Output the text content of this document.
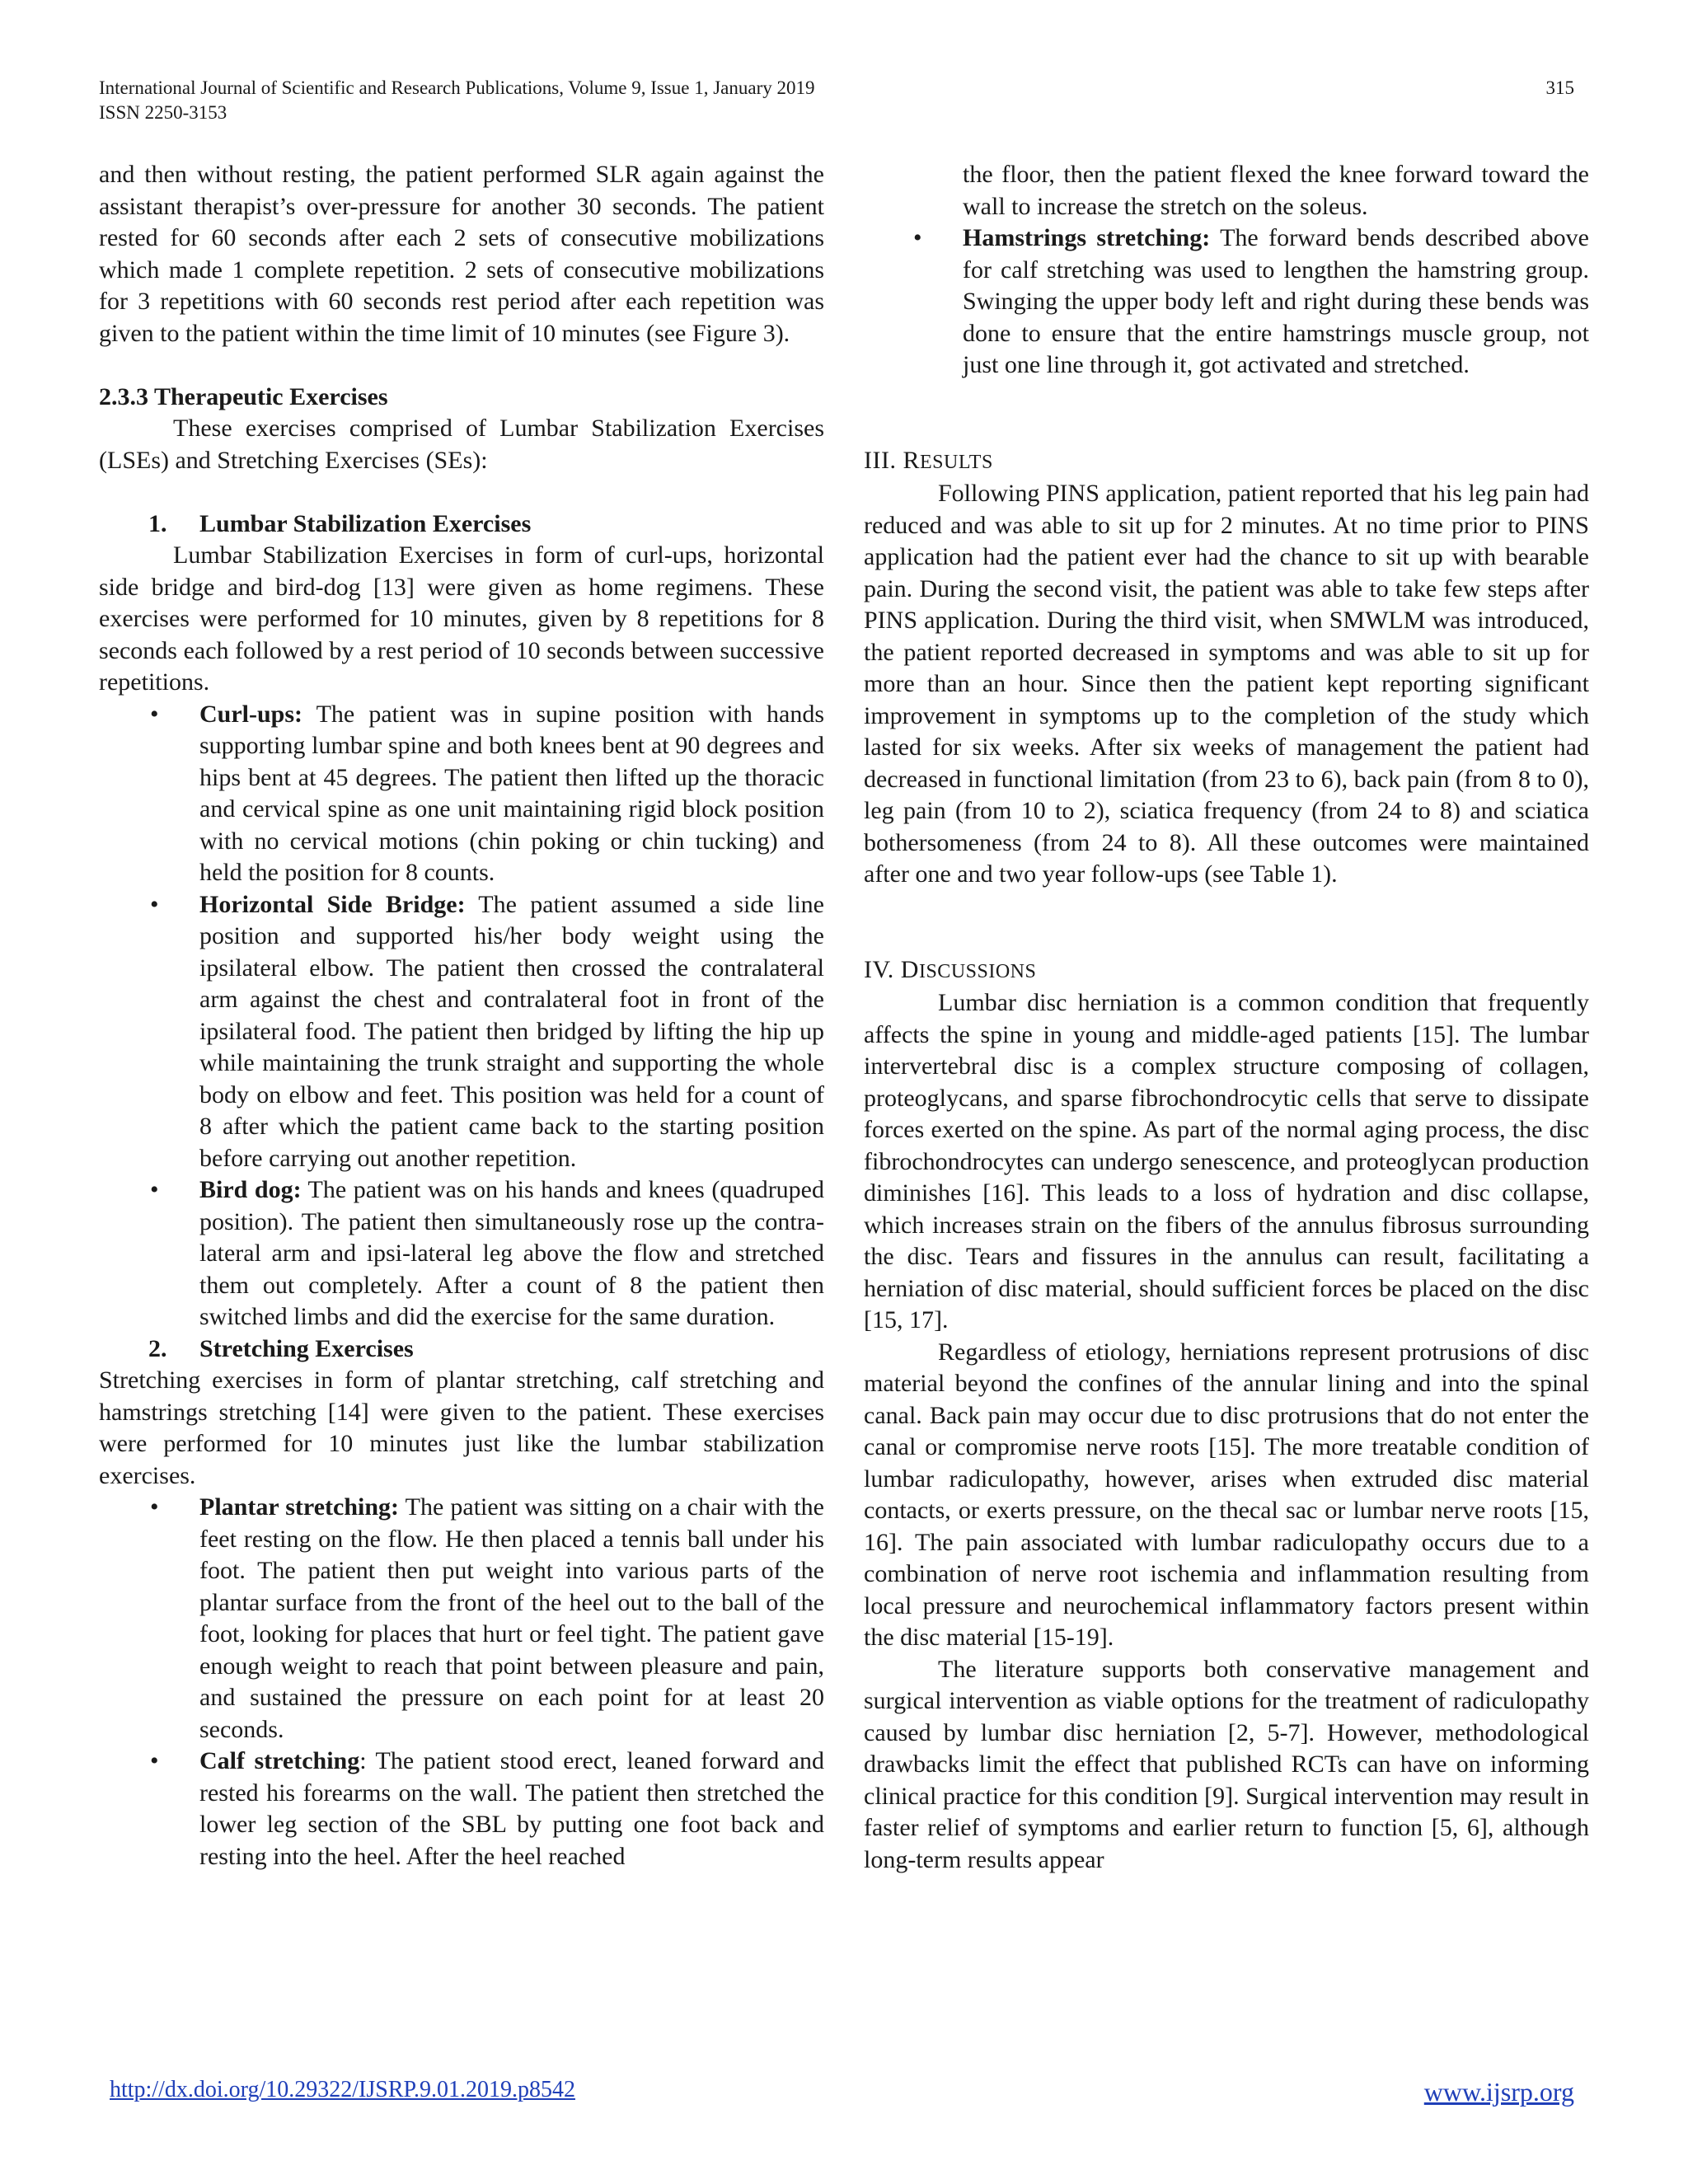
International Journal of Scientific and Research Publications, Volume 9, Issue 1, January 2019
ISSN 2250-3153
315

and then without resting, the patient performed SLR again against the assistant therapist’s over-pressure for another 30 seconds. The patient rested for 60 seconds after each 2 sets of consecutive mobilizations which made 1 complete repetition. 2 sets of consecutive mobilizations for 3 repetitions with 60 seconds rest period after each repetition was given to the patient within the time limit of 10 minutes (see Figure 3).

2.3.3 Therapeutic Exercises

These exercises comprised of Lumbar Stabilization Exercises (LSEs) and Stretching Exercises (SEs):

1. Lumbar Stabilization Exercises

Lumbar Stabilization Exercises in form of curl-ups, horizontal side bridge and bird-dog [13] were given as home regimens. These exercises were performed for 10 minutes, given by 8 repetitions for 8 seconds each followed by a rest period of 10 seconds between successive repetitions.

• Curl-ups: The patient was in supine position with hands supporting lumbar spine and both knees bent at 90 degrees and hips bent at 45 degrees. The patient then lifted up the thoracic and cervical spine as one unit maintaining rigid block position with no cervical motions (chin poking or chin tucking) and held the position for 8 counts.
• Horizontal Side Bridge: The patient assumed a side line position and supported his/her body weight using the ipsilateral elbow. The patient then crossed the contralateral arm against the chest and contralateral foot in front of the ipsilateral food. The patient then bridged by lifting the hip up while maintaining the trunk straight and supporting the whole body on elbow and feet. This position was held for a count of 8 after which the patient came back to the starting position before carrying out another repetition.
• Bird dog: The patient was on his hands and knees (quadruped position). The patient then simultaneously rose up the contra-lateral arm and ipsi-lateral leg above the flow and stretched them out completely. After a count of 8 the patient then switched limbs and did the exercise for the same duration.

2. Stretching Exercises

Stretching exercises in form of plantar stretching, calf stretching and hamstrings stretching [14] were given to the patient. These exercises were performed for 10 minutes just like the lumbar stabilization exercises.

• Plantar stretching: The patient was sitting on a chair with the feet resting on the flow. He then placed a tennis ball under his foot. The patient then put weight into various parts of the plantar surface from the front of the heel out to the ball of the foot, looking for places that hurt or feel tight. The patient gave enough weight to reach that point between pleasure and pain, and sustained the pressure on each point for at least 20 seconds.
• Calf stretching: The patient stood erect, leaned forward and rested his forearms on the wall. The patient then stretched the lower leg section of the SBL by putting one foot back and resting into the heel. After the heel reached
the floor, then the patient flexed the knee forward toward the wall to increase the stretch on the soleus.
• Hamstrings stretching: The forward bends described above for calf stretching was used to lengthen the hamstring group. Swinging the upper body left and right during these bends was done to ensure that the entire hamstrings muscle group, not just one line through it, got activated and stretched.

III. RESULTS

Following PINS application, patient reported that his leg pain had reduced and was able to sit up for 2 minutes. At no time prior to PINS application had the patient ever had the chance to sit up with bearable pain. During the second visit, the patient was able to take few steps after PINS application. During the third visit, when SMWLM was introduced, the patient reported decreased in symptoms and was able to sit up for more than an hour. Since then the patient kept reporting significant improvement in symptoms up to the completion of the study which lasted for six weeks. After six weeks of management the patient had decreased in functional limitation (from 23 to 6), back pain (from 8 to 0), leg pain (from 10 to 2), sciatica frequency (from 24 to 8) and sciatica bothersomeness (from 24 to 8). All these outcomes were maintained after one and two year follow-ups (see Table 1).

IV. DISCUSSIONS

Lumbar disc herniation is a common condition that frequently affects the spine in young and middle-aged patients [15]. The lumbar intervertebral disc is a complex structure composing of collagen, proteoglycans, and sparse fibrochondrocytic cells that serve to dissipate forces exerted on the spine. As part of the normal aging process, the disc fibrochondrocytes can undergo senescence, and proteoglycan production diminishes [16]. This leads to a loss of hydration and disc collapse, which increases strain on the fibers of the annulus fibrosus surrounding the disc. Tears and fissures in the annulus can result, facilitating a herniation of disc material, should sufficient forces be placed on the disc [15, 17].

Regardless of etiology, herniations represent protrusions of disc material beyond the confines of the annular lining and into the spinal canal. Back pain may occur due to disc protrusions that do not enter the canal or compromise nerve roots [15]. The more treatable condition of lumbar radiculopathy, however, arises when extruded disc material contacts, or exerts pressure, on the thecal sac or lumbar nerve roots [15, 16]. The pain associated with lumbar radiculopathy occurs due to a combination of nerve root ischemia and inflammation resulting from local pressure and neurochemical inflammatory factors present within the disc material [15-19].

The literature supports both conservative management and surgical intervention as viable options for the treatment of radiculopathy caused by lumbar disc herniation [2, 5-7]. However, methodological drawbacks limit the effect that published RCTs can have on informing clinical practice for this condition [9]. Surgical intervention may result in faster relief of symptoms and earlier return to function [5, 6], although long-term results appear

http://dx.doi.org/10.29322/IJSRP.9.01.2019.p8542	www.ijsrp.org
